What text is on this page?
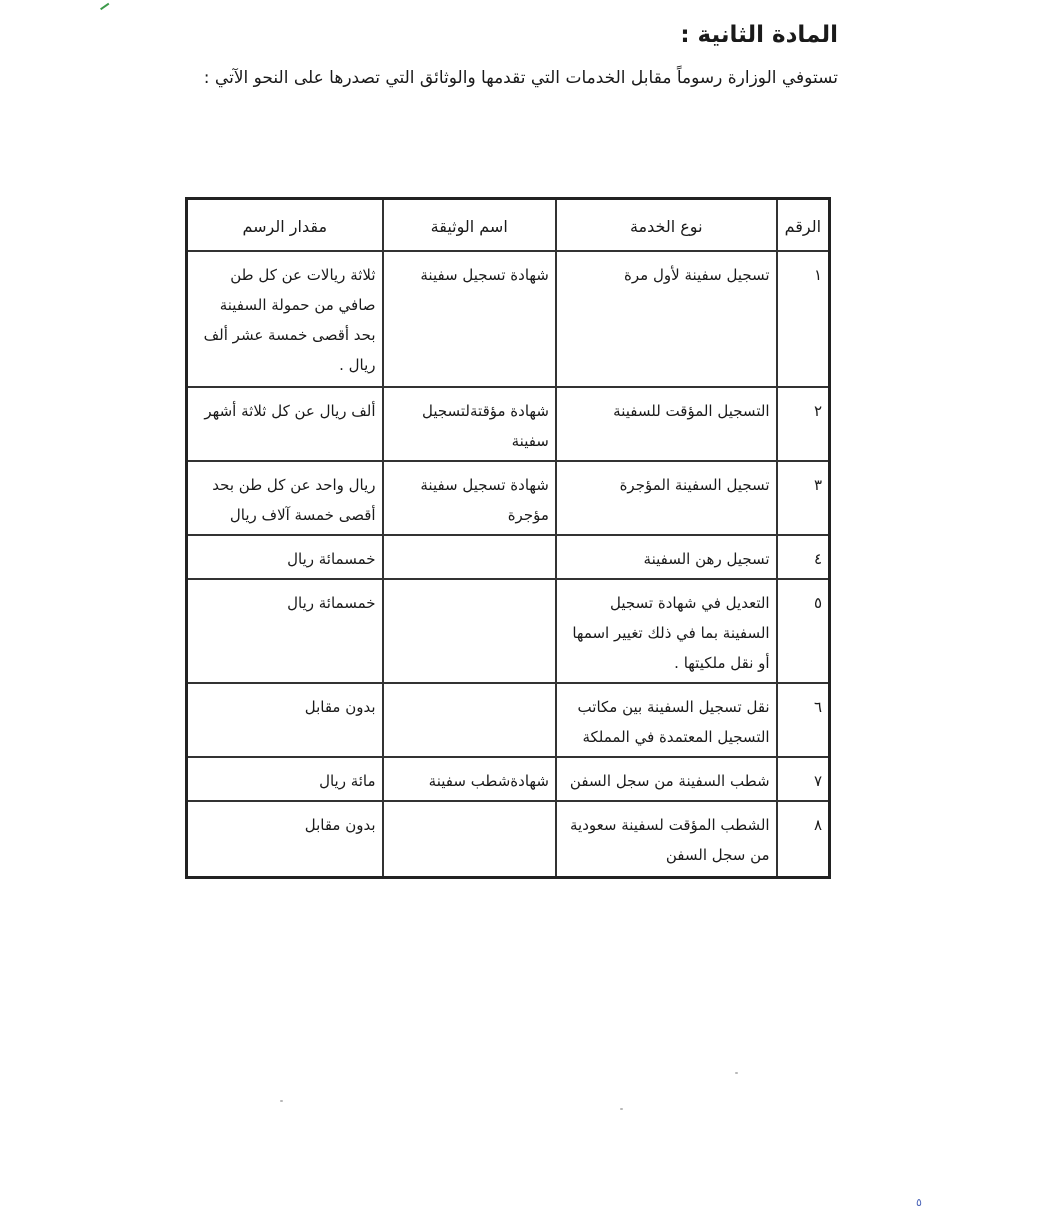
المادة الثانية :
تستوفي الوزارة رسوماً مقابل الخدمات التي تقدمها والوثائق التي تصدرها على النحو الآتي :
الرقم	نوع الخدمة	اسم الوثيقة	مقدار الرسم
١	تسجيل سفينة لأول مرة	شهادة تسجيل سفينة	ثلاثة ريالات عن كل طن صافي من حمولة السفينة بحد أقصى خمسة عشر ألف ريال .
٢	التسجيل المؤقت للسفينة	شهادة مؤقتةلتسجيل سفينة	ألف ريال عن كل ثلاثة أشهر
٣	تسجيل السفينة المؤجرة	شهادة تسجيل سفينة مؤجرة	ريال واحد عن كل طن بحد أقصى خمسة آلاف ريال
٤	تسجيل رهن السفينة		خمسمائة ريال
٥	التعديل في شهادة تسجيل السفينة بما في ذلك تغيير اسمها أو نقل ملكيتها .		خمسمائة ريال
٦	نقل تسجيل السفينة بين مكاتب التسجيل المعتمدة في المملكة		بدون مقابل
٧	شطب السفينة من سجل السفن	شهادةشطب سفينة	مائة ريال
٨	الشطب المؤقت لسفينة سعودية من سجل السفن		بدون مقابل
٥
